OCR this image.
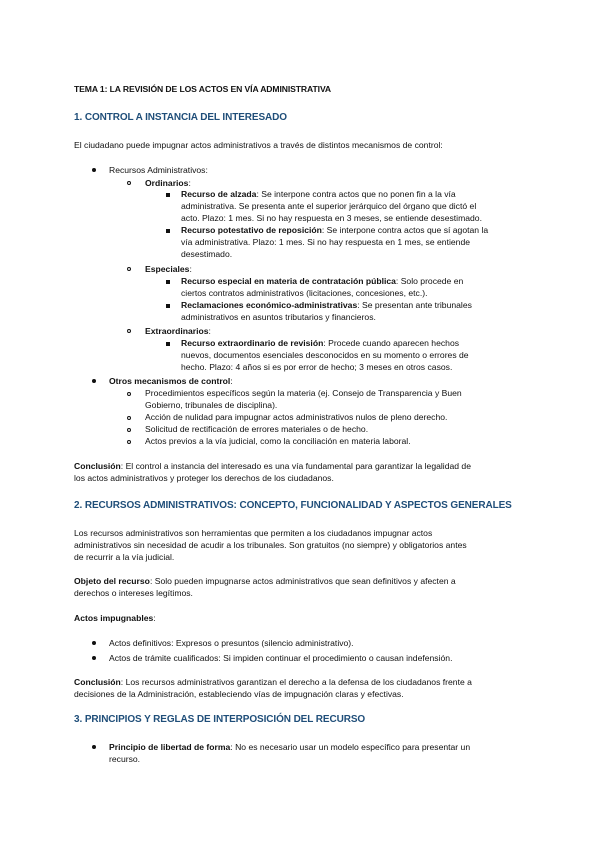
TEMA 1: LA REVISIÓN DE LOS ACTOS EN VÍA ADMINISTRATIVA
1. CONTROL A INSTANCIA DEL INTERESADO
El ciudadano puede impugnar actos administrativos a través de distintos mecanismos de control:
Recursos Administrativos:
Ordinarios:
Recurso de alzada: Se interpone contra actos que no ponen fin a la vía
administrativa. Se presenta ante el superior jerárquico del órgano que dictó el
acto. Plazo: 1 mes. Si no hay respuesta en 3 meses, se entiende desestimado.
Recurso potestativo de reposición: Se interpone contra actos que sí agotan la
vía administrativa. Plazo: 1 mes. Si no hay respuesta en 1 mes, se entiende
desestimado.
Especiales:
Recurso especial en materia de contratación pública: Solo procede en
ciertos contratos administrativos (licitaciones, concesiones, etc.).
Reclamaciones económico-administrativas: Se presentan ante tribunales
administrativos en asuntos tributarios y financieros.
Extraordinarios:
Recurso extraordinario de revisión: Procede cuando aparecen hechos
nuevos, documentos esenciales desconocidos en su momento o errores de
hecho. Plazo: 4 años si es por error de hecho; 3 meses en otros casos.
Otros mecanismos de control:
Procedimientos específicos según la materia (ej. Consejo de Transparencia y Buen
Gobierno, tribunales de disciplina).
Acción de nulidad para impugnar actos administrativos nulos de pleno derecho.
Solicitud de rectificación de errores materiales o de hecho.
Actos previos a la vía judicial, como la conciliación en materia laboral.
Conclusión: El control a instancia del interesado es una vía fundamental para garantizar la legalidad de
los actos administrativos y proteger los derechos de los ciudadanos.
2. RECURSOS ADMINISTRATIVOS: CONCEPTO, FUNCIONALIDAD Y ASPECTOS GENERALES
Los recursos administrativos son herramientas que permiten a los ciudadanos impugnar actos
administrativos sin necesidad de acudir a los tribunales. Son gratuitos (no siempre) y obligatorios antes
de recurrir a la vía judicial.
Objeto del recurso: Solo pueden impugnarse actos administrativos que sean definitivos y afecten a
derechos o intereses legítimos.
Actos impugnables:
Actos definitivos: Expresos o presuntos (silencio administrativo).
Actos de trámite cualificados: Si impiden continuar el procedimiento o causan indefensión.
Conclusión: Los recursos administrativos garantizan el derecho a la defensa de los ciudadanos frente a
decisiones de la Administración, estableciendo vías de impugnación claras y efectivas.
3. PRINCIPIOS Y REGLAS DE INTERPOSICIÓN DEL RECURSO
Principio de libertad de forma: No es necesario usar un modelo específico para presentar un
recurso.
